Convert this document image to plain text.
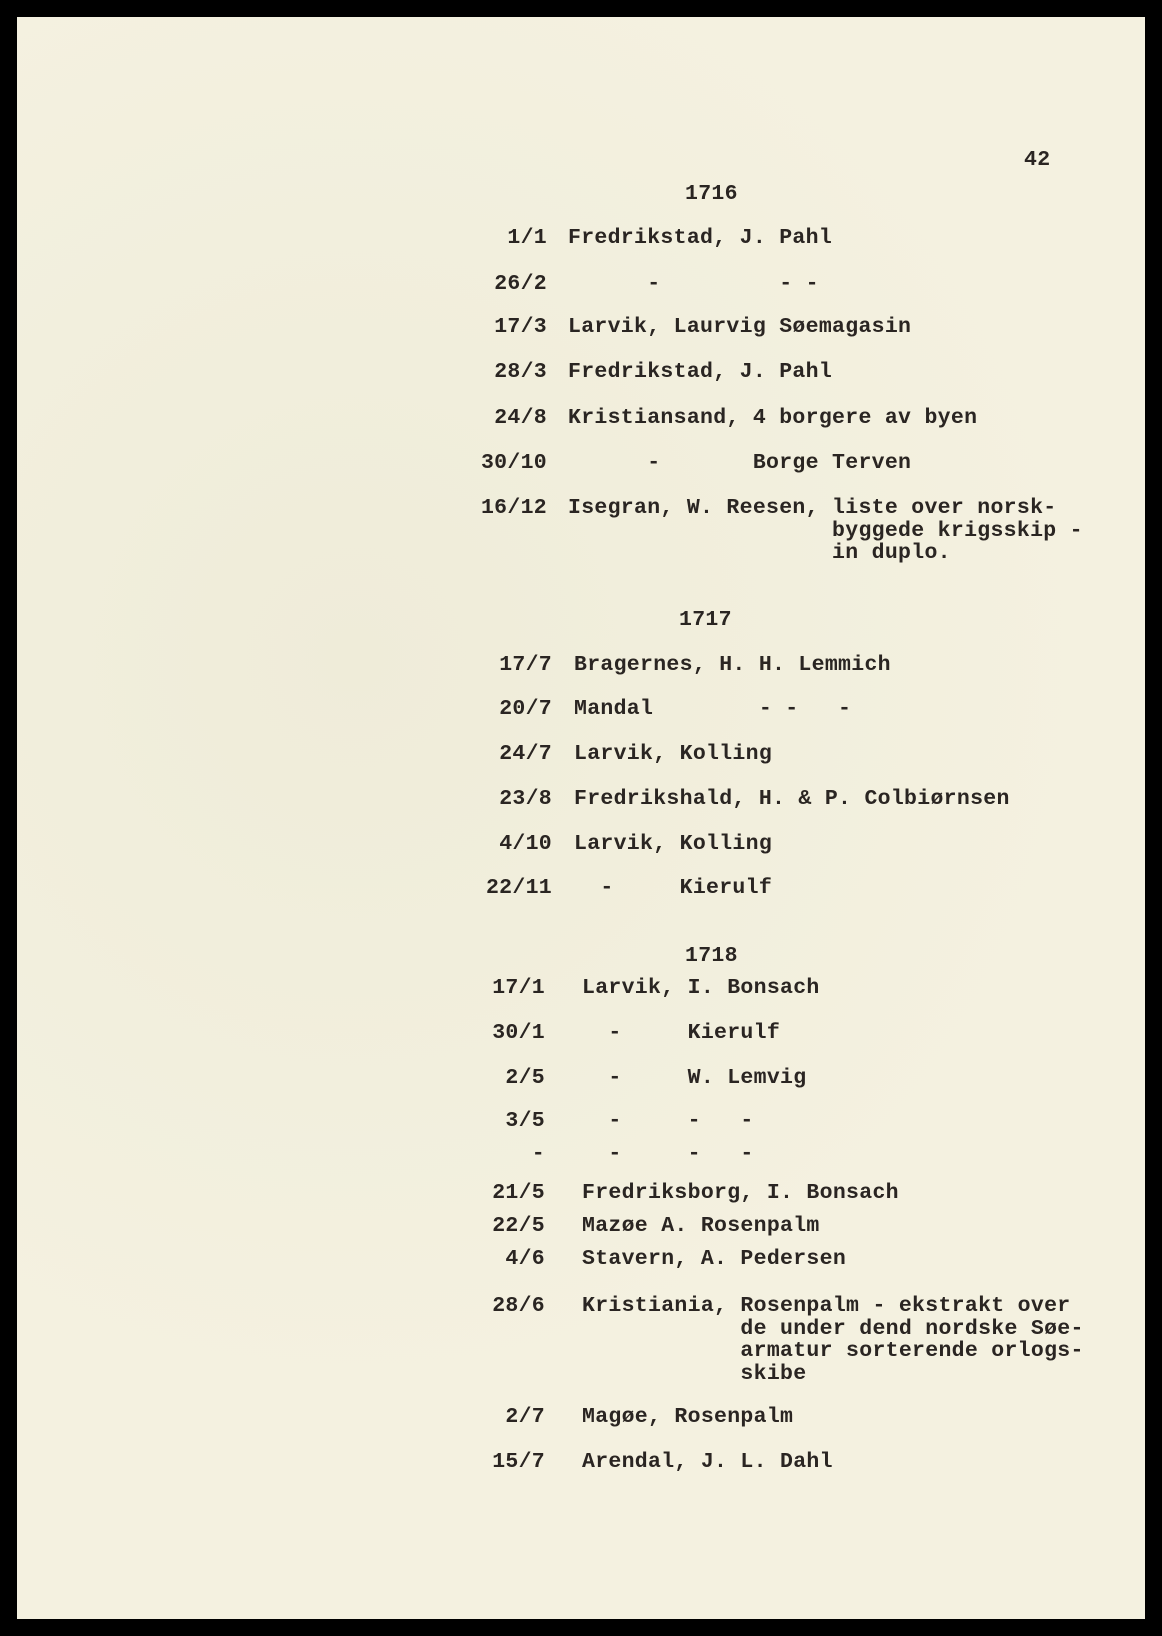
42
1716
1/1 Fredrikstad, J. Pahl
26/2 -         - -
17/3 Larvik, Laurvig Søemagasin
28/3 Fredrikstad, J. Pahl
24/8 Kristiansand, 4 borgere av byen
30/10 -       Borge Terven
16/12 Isegran, W. Reesen, liste over norsk-
byggede krigsskip -
in duplo.
1717
17/7 Bragernes, H. H. Lemmich
20/7 Mandal        - -   -
24/7 Larvik, Kolling
23/8 Fredrikshald, H. & P. Colbiørnsen
4/10 Larvik, Kolling
22/11 -     Kierulf
1718
17/1 Larvik, I. Bonsach
30/1 -     Kierulf
2/5 -     W. Lemvig
3/5 -     -   -
- -     -   -
21/5 Fredriksborg, I. Bonsach
22/5 Mazøe A. Rosenpalm
4/6 Stavern, A. Pedersen
28/6 Kristiania, Rosenpalm - ekstrakt over
de under dend nordske Søe-
armatur sorterende orlogs-
skibe
2/7 Magøe, Rosenpalm
15/7 Arendal, J. L. Dahl
